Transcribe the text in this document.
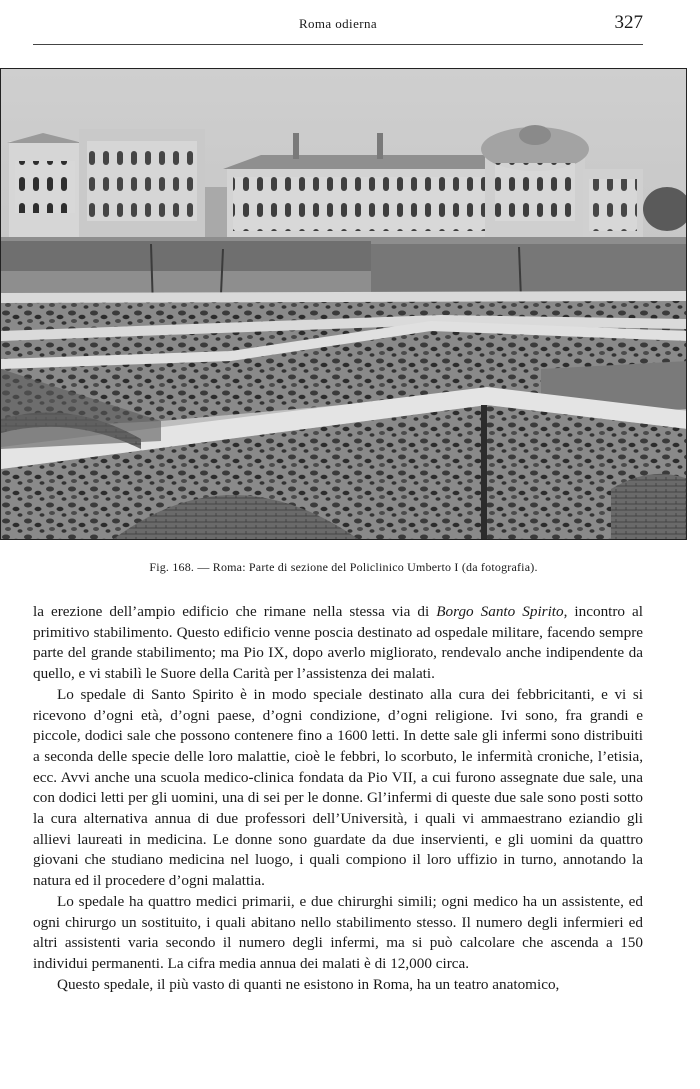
Roma odierna	327
Fig. 168. — Roma: Parte di sezione del Policlinico Umberto I (da fotografia).

la erezione dell’ampio edificio che rimane nella stessa via di Borgo Santo Spirito, incontro al primitivo stabilimento. Questo edificio venne poscia destinato ad ospedale militare, facendo sempre parte del grande stabilimento; ma Pio IX, dopo averlo migliorato, rendevalo anche indipendente da quello, e vi stabilì le Suore della Carità per l’assistenza dei malati.

Lo spedale di Santo Spirito è in modo speciale destinato alla cura dei febbricitanti, e vi si ricevono d’ogni età, d’ogni paese, d’ogni condizione, d’ogni religione. Ivi sono, fra grandi e piccole, dodici sale che possono contenere fino a 1600 letti. In dette sale gli infermi sono distribuiti a seconda delle specie delle loro malattie, cioè le febbri, lo scorbuto, le infermità croniche, l’etisia, ecc. Avvi anche una scuola medico-clinica fondata da Pio VII, a cui furono assegnate due sale, una con dodici letti per gli uomini, una di sei per le donne. Gl’infermi di queste due sale sono posti sotto la cura alternativa annua di due professori dell’Università, i quali vi ammaestrano eziandio gli allievi laureati in medicina. Le donne sono guardate da due inservienti, e gli uomini da quattro giovani che studiano medicina nel luogo, i quali compiono il loro uffizio in turno, annotando la natura ed il procedere d’ogni malattia.

Lo spedale ha quattro medici primarii, e due chirurghi simili; ogni medico ha un assistente, ed ogni chirurgo un sostituito, i quali abitano nello stabilimento stesso. Il numero degli infermieri ed altri assistenti varia secondo il numero degli infermi, ma si può calcolare che ascenda a 150 individui permanenti. La cifra media annua dei malati è di 12,000 circa.

Questo spedale, il più vasto di quanti ne esistono in Roma, ha un teatro anatomico,
